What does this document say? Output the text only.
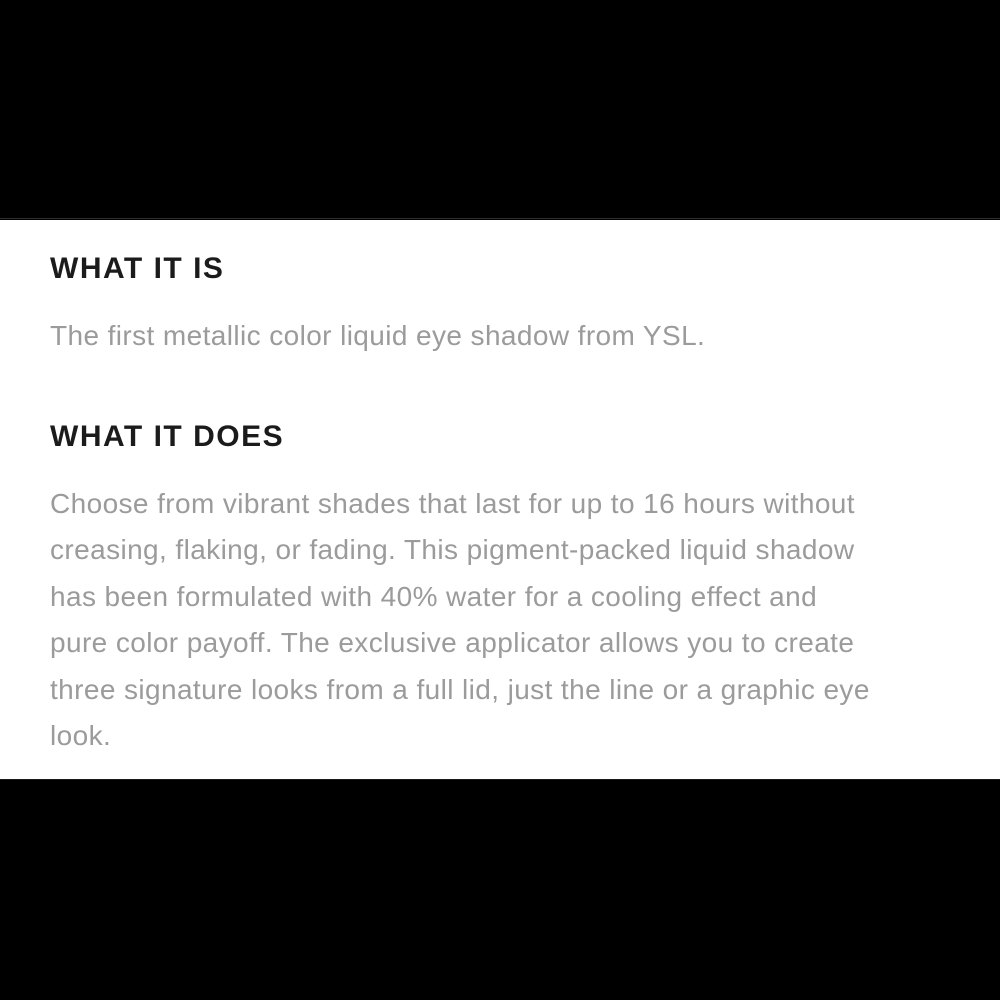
WHAT IT IS
The first metallic color liquid eye shadow from YSL.
WHAT IT DOES
Choose from vibrant shades that last for up to 16 hours without
creasing, flaking, or fading. This pigment-packed liquid shadow
has been formulated with 40% water for a cooling effect and
pure color payoff. The exclusive applicator allows you to create
three signature looks from a full lid, just the line or a graphic eye
look.
